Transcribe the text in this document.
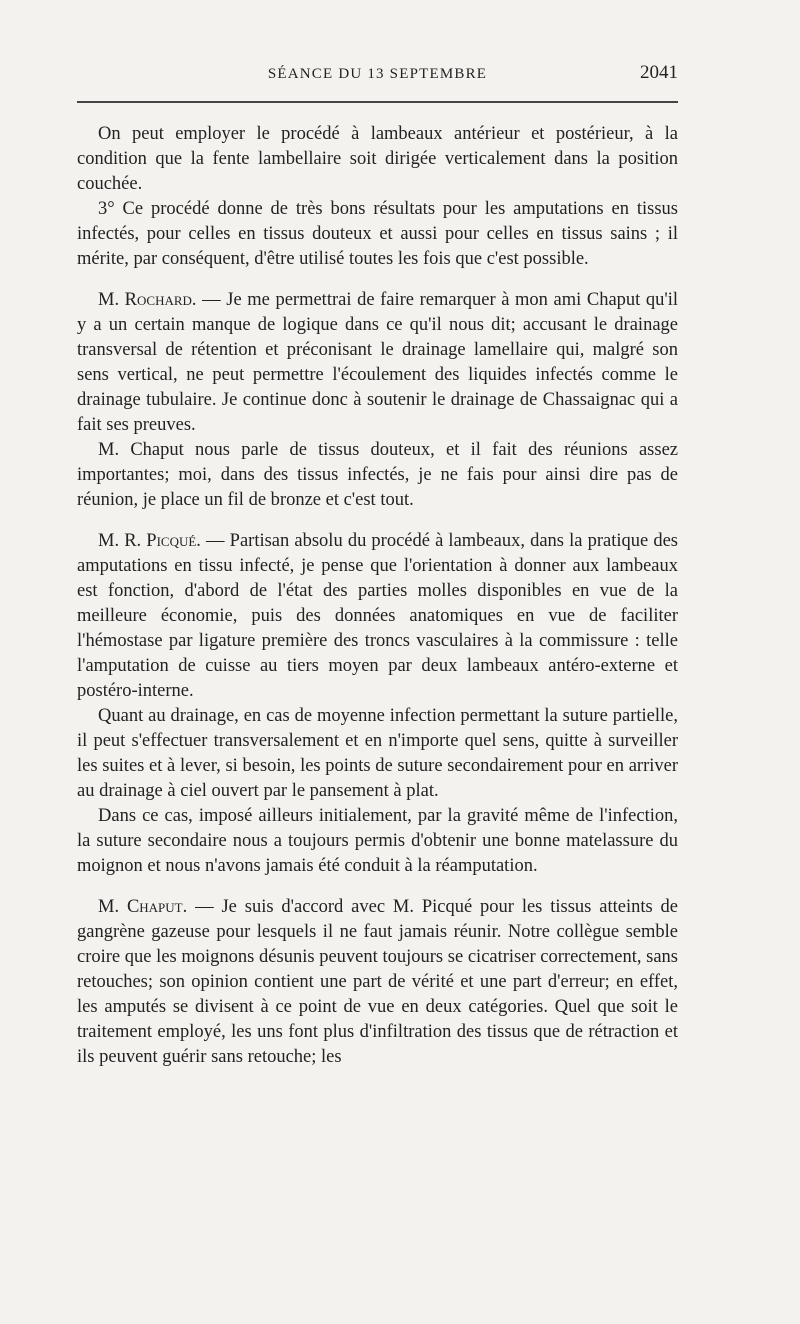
SÉANCE DU 13 SEPTEMBRE	2041

On peut employer le procédé à lambeaux antérieur et postérieur, à la condition que la fente lambellaire soit dirigée verticalement dans la position couchée.

3° Ce procédé donne de très bons résultats pour les amputations en tissus infectés, pour celles en tissus douteux et aussi pour celles en tissus sains ; il mérite, par conséquent, d'être utilisé toutes les fois que c'est possible.

M. Rochard. — Je me permettrai de faire remarquer à mon ami Chaput qu'il y a un certain manque de logique dans ce qu'il nous dit; accusant le drainage transversal de rétention et préconisant le drainage lamellaire qui, malgré son sens vertical, ne peut permettre l'écoulement des liquides infectés comme le drainage tubulaire. Je continue donc à soutenir le drainage de Chassaignac qui a fait ses preuves.

M. Chaput nous parle de tissus douteux, et il fait des réunions assez importantes; moi, dans des tissus infectés, je ne fais pour ainsi dire pas de réunion, je place un fil de bronze et c'est tout.

M. R. Picqué. — Partisan absolu du procédé à lambeaux, dans la pratique des amputations en tissu infecté, je pense que l'orientation à donner aux lambeaux est fonction, d'abord de l'état des parties molles disponibles en vue de la meilleure économie, puis des données anatomiques en vue de faciliter l'hémostase par ligature première des troncs vasculaires à la commissure : telle l'amputation de cuisse au tiers moyen par deux lambeaux antéro-externe et postéro-interne.

Quant au drainage, en cas de moyenne infection permettant la suture partielle, il peut s'effectuer transversalement et en n'importe quel sens, quitte à surveiller les suites et à lever, si besoin, les points de suture secondairement pour en arriver au drainage à ciel ouvert par le pansement à plat.

Dans ce cas, imposé ailleurs initialement, par la gravité même de l'infection, la suture secondaire nous a toujours permis d'obtenir une bonne matelassure du moignon et nous n'avons jamais été conduit à la réamputation.

M. Chaput. — Je suis d'accord avec M. Picqué pour les tissus atteints de gangrène gazeuse pour lesquels il ne faut jamais réunir. Notre collègue semble croire que les moignons désunis peuvent toujours se cicatriser correctement, sans retouches; son opinion contient une part de vérité et une part d'erreur; en effet, les amputés se divisent à ce point de vue en deux catégories. Quel que soit le traitement employé, les uns font plus d'infiltration des tissus que de rétraction et ils peuvent guérir sans retouche; les
